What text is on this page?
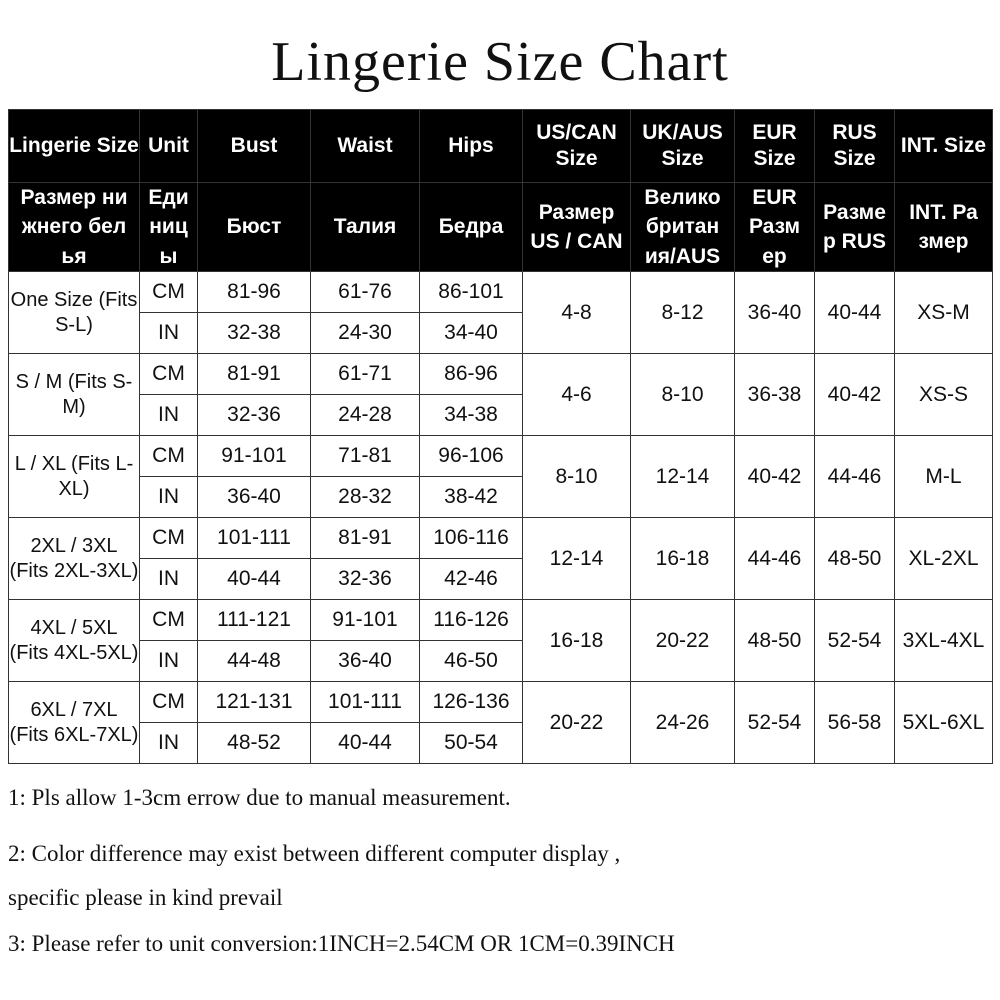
Lingerie Size Chart
Lingerie Size	Unit	Bust	Waist	Hips	US/CAN Size	UK/AUS Size	EUR Size	RUS Size	INT. Size
Размер ни жнего бел ья	Еди ниц ы	Бюст	Талия	Бедра	Размер US / CAN	Велико британ ия/AUS	EUR Разм ер	Разме р RUS	INT. Ра змер
One Size (Fits S-L)	CM	81-96	61-76	86-101	4-8	8-12	36-40	40-44	XS-M
	IN	32-38	24-30	34-40					
S / M (Fits S-M)	CM	81-91	61-71	86-96	4-6	8-10	36-38	40-42	XS-S
	IN	32-36	24-28	34-38					
L / XL (Fits L-XL)	CM	91-101	71-81	96-106	8-10	12-14	40-42	44-46	M-L
	IN	36-40	28-32	38-42					
2XL / 3XL (Fits 2XL-3XL)	CM	101-111	81-91	106-116	12-14	16-18	44-46	48-50	XL-2XL
	IN	40-44	32-36	42-46					
4XL / 5XL (Fits 4XL-5XL)	CM	111-121	91-101	116-126	16-18	20-22	48-50	52-54	3XL-4XL
	IN	44-48	36-40	46-50					
6XL / 7XL (Fits 6XL-7XL)	CM	121-131	101-111	126-136	20-22	24-26	52-54	56-58	5XL-6XL
	IN	48-52	40-44	50-54					

1: Pls allow 1-3cm errow due to manual measurement.

2: Color difference may exist between different computer display ,

specific please in kind prevail

3: Please refer to unit conversion:1INCH=2.54CM OR 1CM=0.39INCH
